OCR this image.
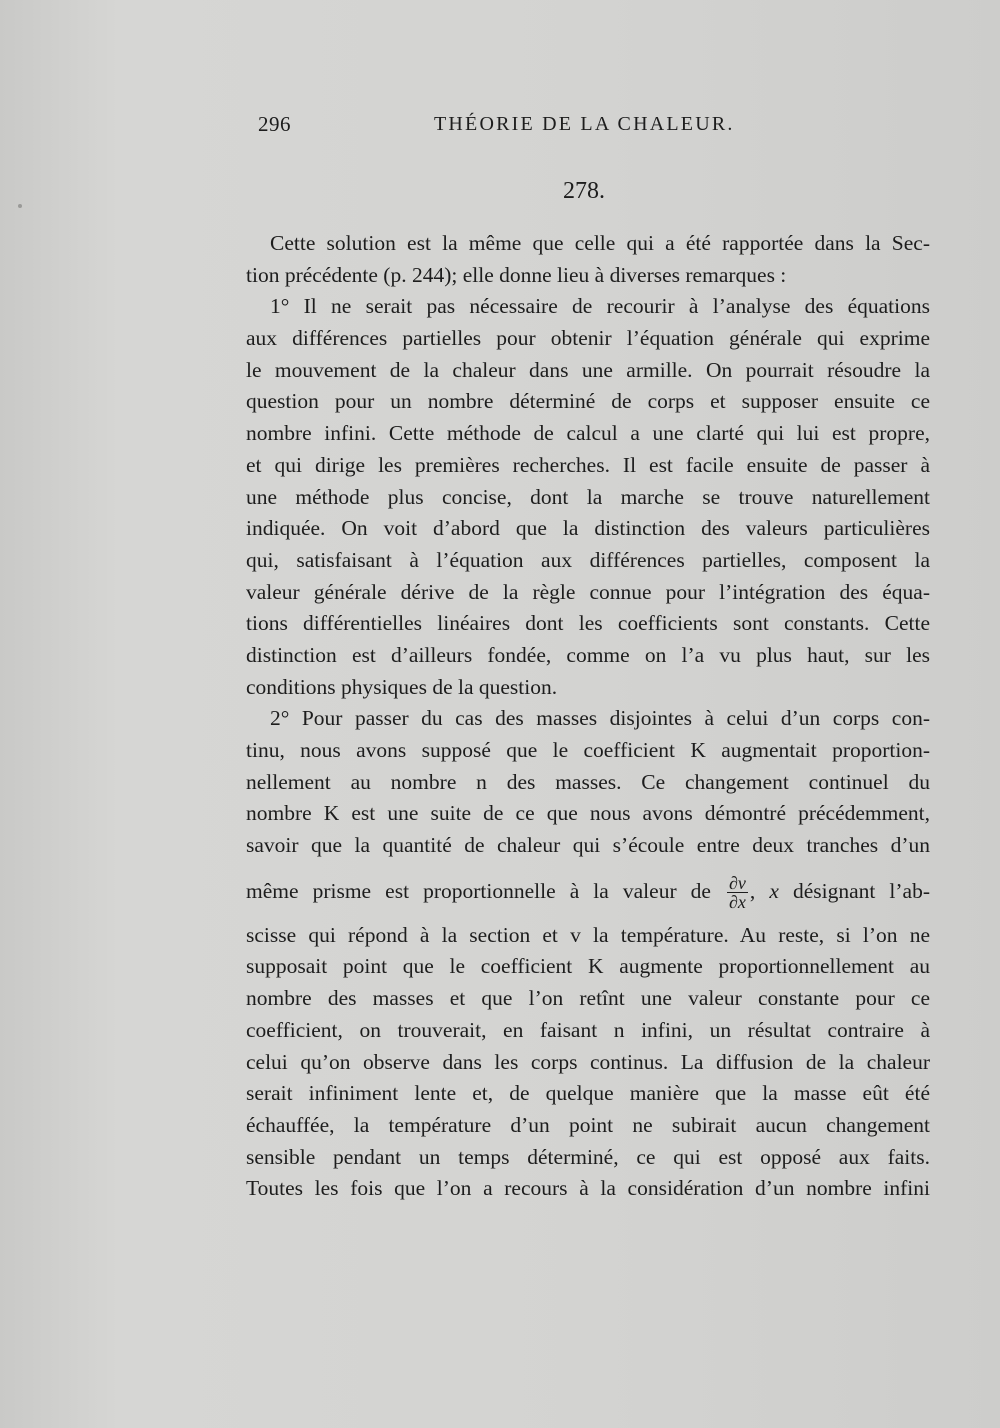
296	THÉORIE DE LA CHALEUR.
278.
Cette solution est la même que celle qui a été rapportée dans la Sec-
tion précédente (p. 244); elle donne lieu à diverses remarques :
1° Il ne serait pas nécessaire de recourir à l’analyse des équations
aux différences partielles pour obtenir l’équation générale qui exprime
le mouvement de la chaleur dans une armille. On pourrait résoudre la
question pour un nombre déterminé de corps et supposer ensuite ce
nombre infini. Cette méthode de calcul a une clarté qui lui est propre,
et qui dirige les premières recherches. Il est facile ensuite de passer à
une méthode plus concise, dont la marche se trouve naturellement
indiquée. On voit d’abord que la distinction des valeurs particulières
qui, satisfaisant à l’équation aux différences partielles, composent la
valeur générale dérive de la règle connue pour l’intégration des équa-
tions différentielles linéaires dont les coefficients sont constants. Cette
distinction est d’ailleurs fondée, comme on l’a vu plus haut, sur les
conditions physiques de la question.
2° Pour passer du cas des masses disjointes à celui d’un corps con-
tinu, nous avons supposé que le coefficient K augmentait proportion-
nellement au nombre n des masses. Ce changement continuel du
nombre K est une suite de ce que nous avons démontré précédemment,
savoir que la quantité de chaleur qui s’écoule entre deux tranches d’un
même prisme est proportionnelle à la valeur de $\frac{\partial v}{\partial x}$ , x désignant l’ab-
scisse qui répond à la section et v la température. Au reste, si l’on ne
supposait point que le coefficient K augmente proportionnellement au
nombre des masses et que l’on retînt une valeur constante pour ce
coefficient, on trouverait, en faisant n infini, un résultat contraire à
celui qu’on observe dans les corps continus. La diffusion de la chaleur
serait infiniment lente et, de quelque manière que la masse eût été
échauffée, la température d’un point ne subirait aucun changement
sensible pendant un temps déterminé, ce qui est opposé aux faits.
Toutes les fois que l’on a recours à la considération d’un nombre infini
